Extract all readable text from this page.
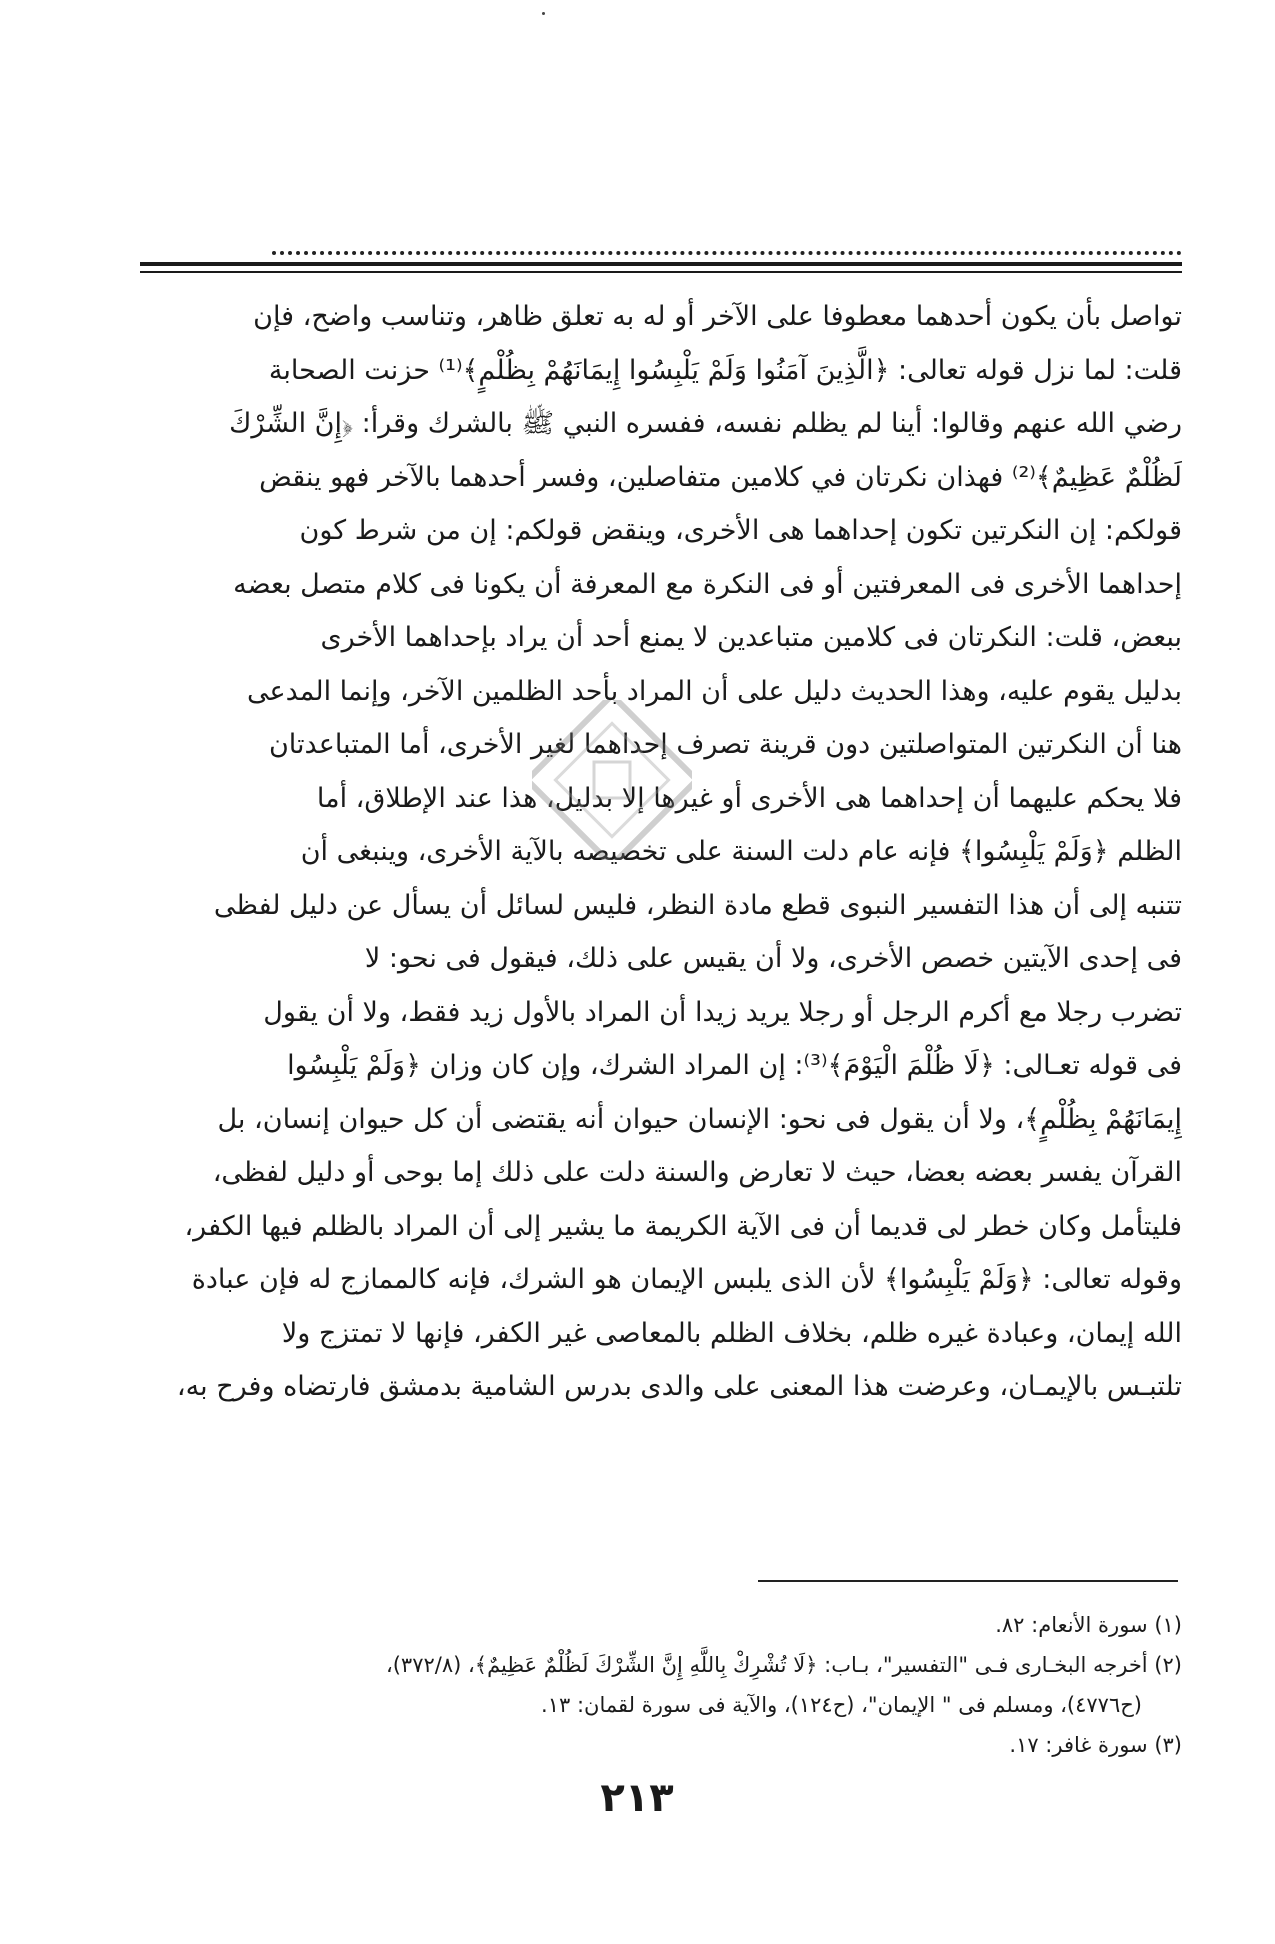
تواصل بأن يكون أحدهما معطوفا على الآخر أو له به تعلق ظاهر، وتناسب واضح، فإن
قلت: لما نزل قوله تعالى: ﴿الَّذِينَ آمَنُوا وَلَمْ يَلْبِسُوا إِيمَانَهُمْ بِظُلْمٍ﴾⁽¹⁾ حزنت الصحابة
رضي الله عنهم وقالوا: أينا لم يظلم نفسه، ففسره النبي ﷺ بالشرك وقرأ: ﴿إِنَّ الشِّرْكَ
لَظُلْمٌ عَظِيمٌ﴾⁽²⁾ فهذان نكرتان في كلامين متفاصلين، وفسر أحدهما بالآخر فهو ينقض
قولكم: إن النكرتين تكون إحداهما هى الأخرى، وينقض قولكم: إن من شرط كون
إحداهما الأخرى فى المعرفتين أو فى النكرة مع المعرفة أن يكونا فى كلام متصل بعضه
ببعض، قلت: النكرتان فى كلامين متباعدين لا يمنع أحد أن يراد بإحداهما الأخرى
بدليل يقوم عليه، وهذا الحديث دليل على أن المراد بأحد الظلمين الآخر، وإنما المدعى
هنا أن النكرتين المتواصلتين دون قرينة تصرف إحداهما لغير الأخرى، أما المتباعدتان
فلا يحكم عليهما أن إحداهما هى الأخرى أو غيرها إلا بدليل، هذا عند الإطلاق، أما
الظلم ﴿وَلَمْ يَلْبِسُوا﴾ فإنه عام دلت السنة على تخصيصه بالآية الأخرى، وينبغى أن
تتنبه إلى أن هذا التفسير النبوى قطع مادة النظر، فليس لسائل أن يسأل عن دليل لفظى
فى إحدى الآيتين خصص الأخرى، ولا أن يقيس على ذلك، فيقول فى نحو: لا
تضرب رجلا مع أكرم الرجل أو رجلا يريد زيدا أن المراد بالأول زيد فقط، ولا أن يقول
فى قوله تعـالى: ﴿لَا ظُلْمَ الْيَوْمَ﴾⁽³⁾: إن المراد الشرك، وإن كان وزان ﴿وَلَمْ يَلْبِسُوا
إِيمَانَهُمْ بِظُلْمٍ﴾، ولا أن يقول فى نحو: الإنسان حيوان أنه يقتضى أن كل حيوان إنسان، بل
القرآن يفسر بعضه بعضا، حيث لا تعارض والسنة دلت على ذلك إما بوحى أو دليل لفظى،
فليتأمل وكان خطر لى قديما أن فى الآية الكريمة ما يشير إلى أن المراد بالظلم فيها الكفر،
وقوله تعالى: ﴿وَلَمْ يَلْبِسُوا﴾ لأن الذى يلبس الإيمان هو الشرك، فإنه كالممازج له فإن عبادة
الله إيمان، وعبادة غيره ظلم، بخلاف الظلم بالمعاصى غير الكفر، فإنها لا تمتزج ولا
تلتبـس بالإيمـان، وعرضت هذا المعنى على والدى بدرس الشامية بدمشق فارتضاه وفرح به،
(١) سورة الأنعام: ٨٢.
(٢) أخرجه البخـارى فـى "التفسير"، بـاب: ﴿لَا تُشْرِكْ بِاللَّهِ إِنَّ الشِّرْكَ لَظُلْمٌ عَظِيمٌ﴾، (٣٧٢/٨)،
(ح٤٧٧٦)، ومسلم فى " الإيمان"، (ح١٢٤)، والآية فى سورة لقمان: ١٣.
(٣) سورة غافر: ١٧.
٢١٣
